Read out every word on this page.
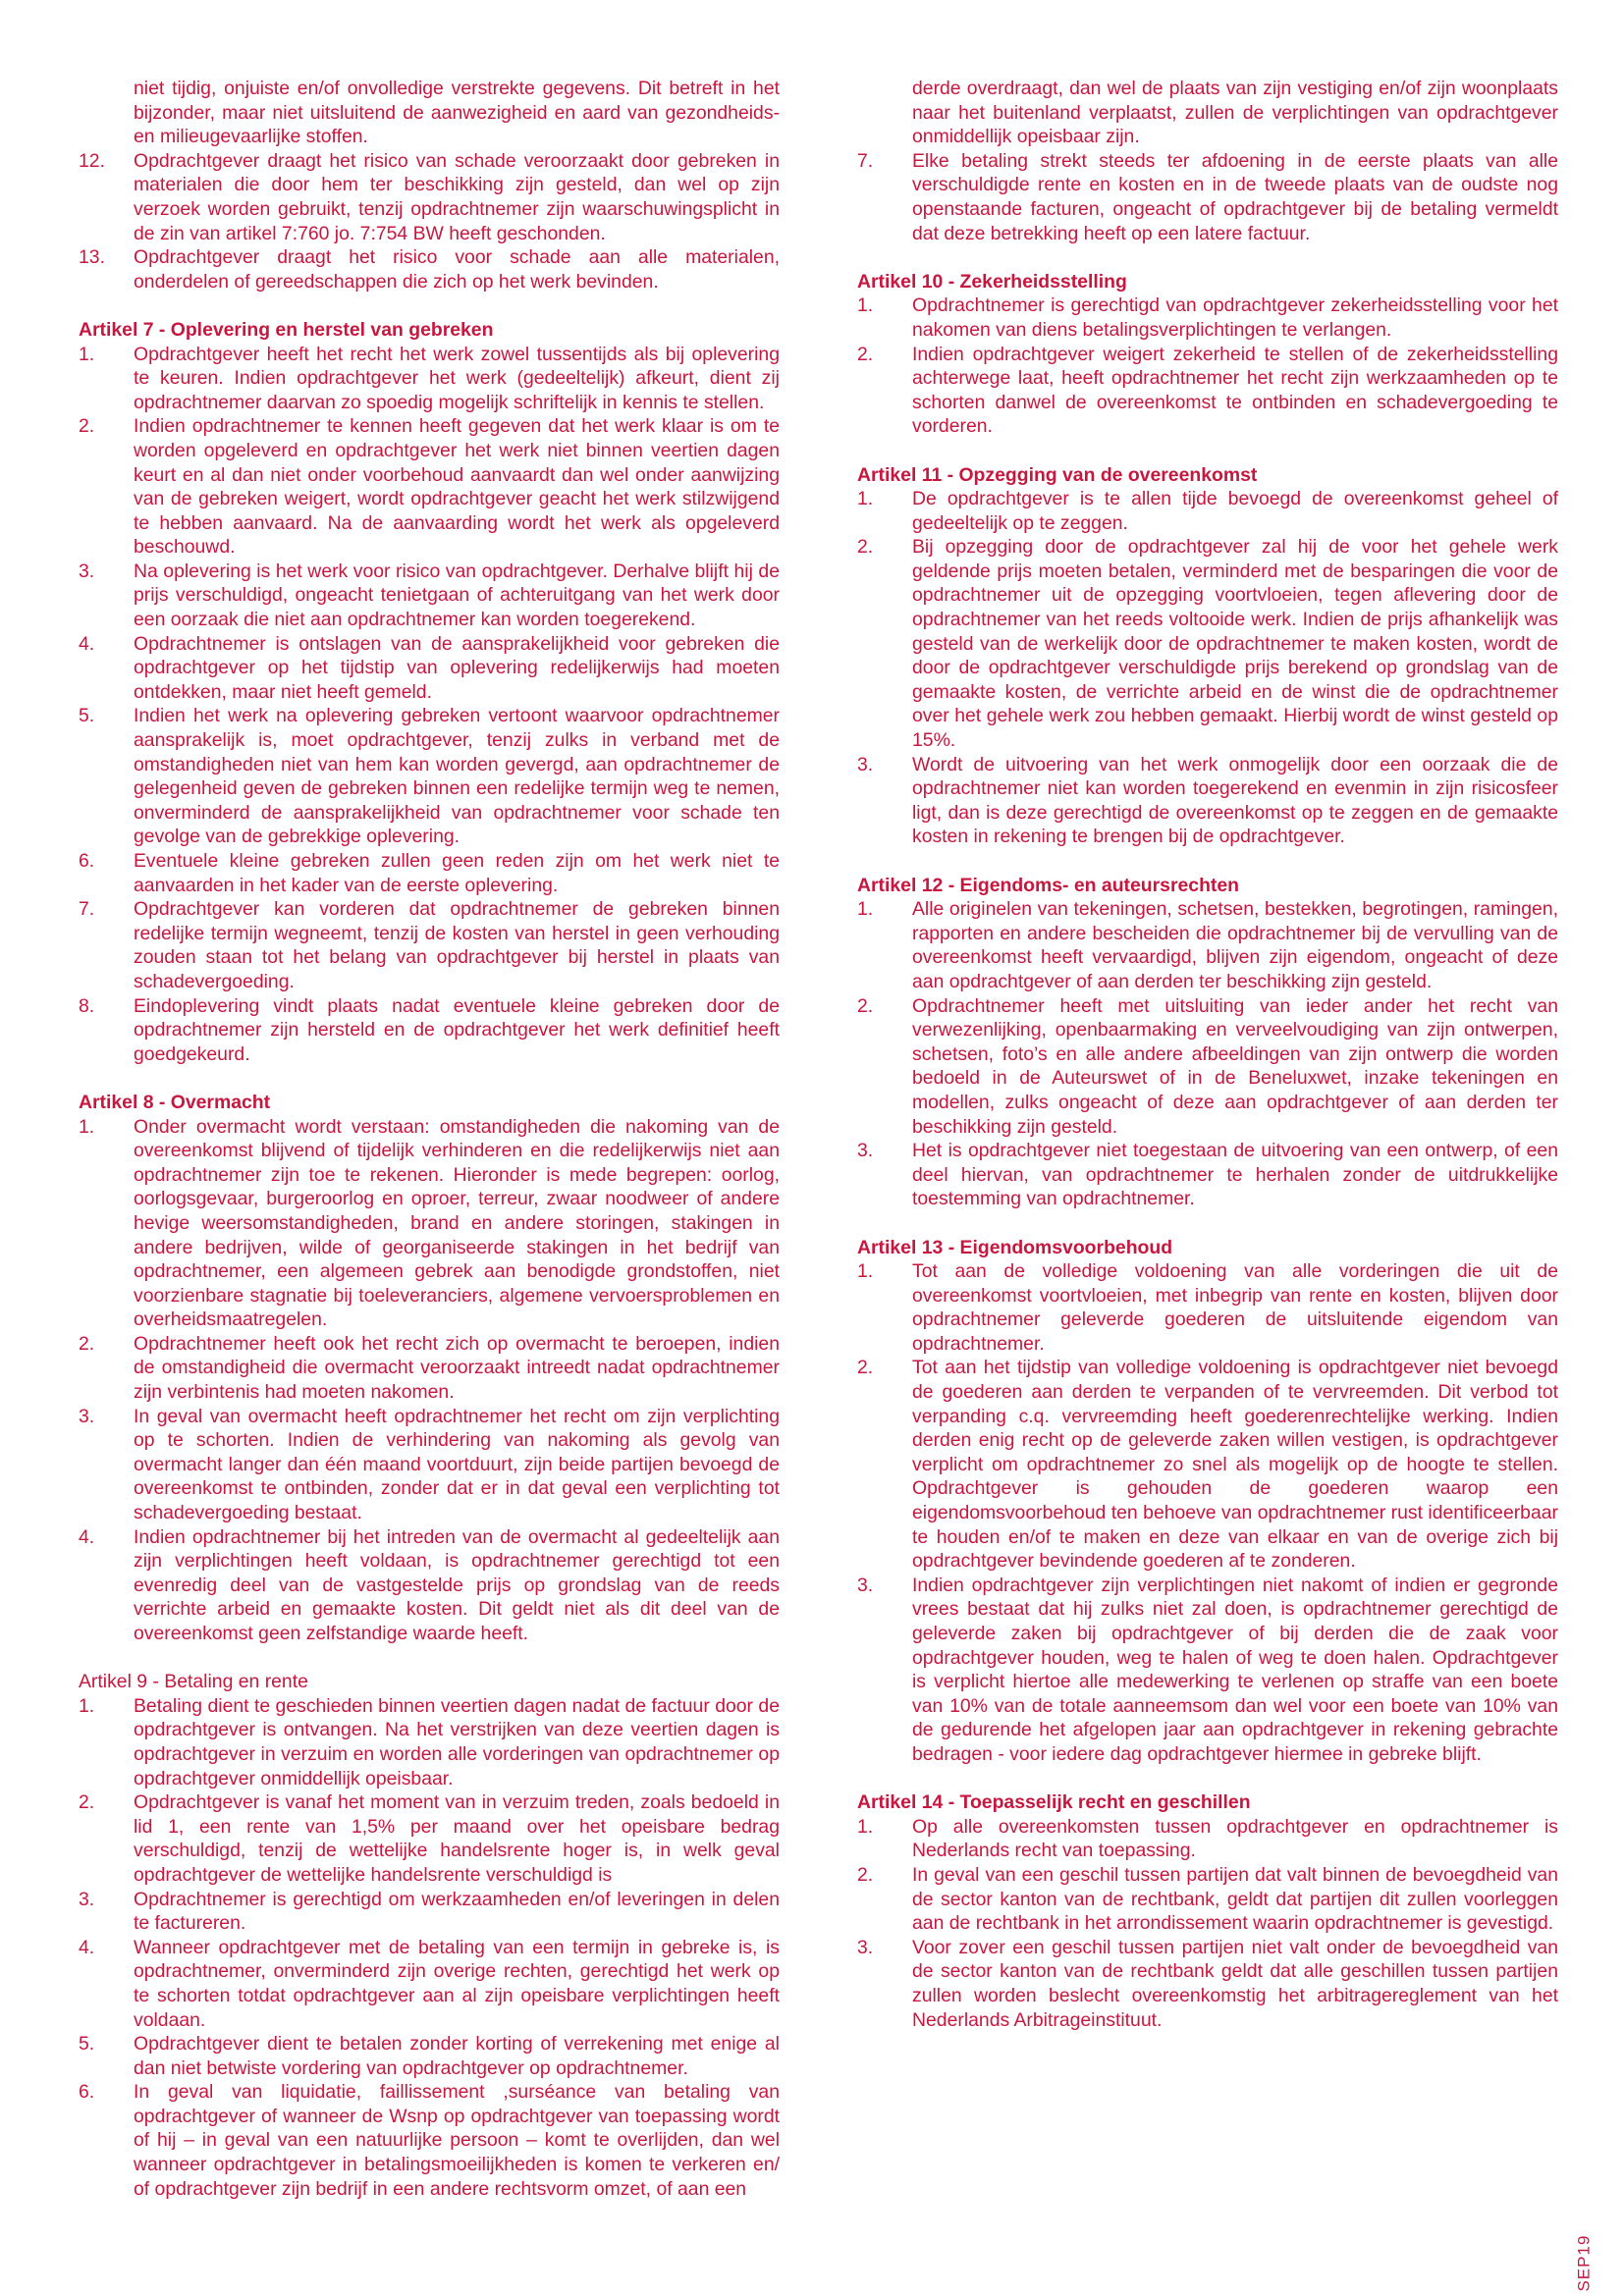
niet tijdig, onjuiste en/of onvolledige verstrekte gegevens. Dit betreft in het bijzonder, maar niet uitsluitend de aanwezigheid en aard van gezondheids- en milieugevaarlijke stoffen.
12. Opdrachtgever draagt het risico van schade veroorzaakt door gebreken in materialen die door hem ter beschikking zijn gesteld, dan wel op zijn verzoek worden gebruikt, tenzij opdrachtnemer zijn waarschuwingsplicht in de zin van artikel 7:760 jo. 7:754 BW heeft geschonden.
13. Opdrachtgever draagt het risico voor schade aan alle materialen, onderdelen of gereedschappen die zich op het werk bevinden.
Artikel 7 - Oplevering en herstel van gebreken
1. Opdrachtgever heeft het recht het werk zowel tussentijds als bij oplevering te keuren. Indien opdrachtgever het werk (gedeeltelijk) afkeurt, dient zij opdrachtnemer daarvan zo spoedig mogelijk schriftelijk in kennis te stellen.
2. Indien opdrachtnemer te kennen heeft gegeven dat het werk klaar is om te worden opgeleverd en opdrachtgever het werk niet binnen veertien dagen keurt en al dan niet onder voorbehoud aanvaardt dan wel onder aanwijzing van de gebreken weigert, wordt opdrachtgever geacht het werk stilzwijgend te hebben aanvaard. Na de aanvaarding wordt het werk als opgeleverd beschouwd.
3. Na oplevering is het werk voor risico van opdrachtgever. Derhalve blijft hij de prijs verschuldigd, ongeacht tenietgaan of achteruitgang van het werk door een oorzaak die niet aan opdrachtnemer kan worden toegerekend.
4. Opdrachtnemer is ontslagen van de aansprakelijkheid voor gebreken die opdrachtgever op het tijdstip van oplevering redelijkerwijs had moeten ontdekken, maar niet heeft gemeld.
5. Indien het werk na oplevering gebreken vertoont waarvoor opdrachtnemer aansprakelijk is, moet opdrachtgever, tenzij zulks in verband met de omstandigheden niet van hem kan worden gevergd, aan opdrachtnemer de gelegenheid geven de gebreken binnen een redelijke termijn weg te nemen, onverminderd de aansprakelijkheid van opdrachtnemer voor schade ten gevolge van de gebrekkige oplevering.
6. Eventuele kleine gebreken zullen geen reden zijn om het werk niet te aanvaarden in het kader van de eerste oplevering.
7. Opdrachtgever kan vorderen dat opdrachtnemer de gebreken binnen redelijke termijn wegneemt, tenzij de kosten van herstel in geen verhouding zouden staan tot het belang van opdrachtgever bij herstel in plaats van schadevergoeding.
8. Eindoplevering vindt plaats nadat eventuele kleine gebreken door de opdrachtnemer zijn hersteld en de opdrachtgever het werk definitief heeft goedgekeurd.
Artikel 8 - Overmacht
1. Onder overmacht wordt verstaan: omstandigheden die nakoming van de overeenkomst blijvend of tijdelijk verhinderen en die redelijkerwijs niet aan opdrachtnemer zijn toe te rekenen. Hieronder is mede begrepen: oorlog, oorlogsgevaar, burgeroorlog en oproer, terreur, zwaar noodweer of andere hevige weersomstandigheden, brand en andere storingen, stakingen in andere bedrijven, wilde of georganiseerde stakingen in het bedrijf van opdrachtnemer, een algemeen gebrek aan benodigde grondstoffen, niet voorzienbare stagnatie bij toeleveranciers, algemene vervoersproblemen en overheidsmaatregelen.
2. Opdrachtnemer heeft ook het recht zich op overmacht te beroepen, indien de omstandigheid die overmacht veroorzaakt intreedt nadat opdrachtnemer zijn verbintenis had moeten nakomen.
3. In geval van overmacht heeft opdrachtnemer het recht om zijn verplichting op te schorten. Indien de verhindering van nakoming als gevolg van overmacht langer dan één maand voortduurt, zijn beide partijen bevoegd de overeenkomst te ontbinden, zonder dat er in dat geval een verplichting tot schadevergoeding bestaat.
4. Indien opdrachtnemer bij het intreden van de overmacht al gedeeltelijk aan zijn verplichtingen heeft voldaan, is opdrachtnemer gerechtigd tot een evenredig deel van de vastgestelde prijs op grondslag van de reeds verrichte arbeid en gemaakte kosten. Dit geldt niet als dit deel van de overeenkomst geen zelfstandige waarde heeft.
Artikel 9 - Betaling en rente
1. Betaling dient te geschieden binnen veertien dagen nadat de factuur door de opdrachtgever is ontvangen. Na het verstrijken van deze veertien dagen is opdrachtgever in verzuim en worden alle vorderingen van opdrachtnemer op opdrachtgever onmiddellijk opeisbaar.
2. Opdrachtgever is vanaf het moment van in verzuim treden, zoals bedoeld in lid 1, een rente van 1,5% per maand over het opeisbare bedrag verschuldigd, tenzij de wettelijke handelsrente hoger is, in welk geval opdrachtgever de wettelijke handelsrente verschuldigd is
3. Opdrachtnemer is gerechtigd om werkzaamheden en/of leveringen in delen te factureren.
4. Wanneer opdrachtgever met de betaling van een termijn in gebreke is, is opdrachtnemer, onverminderd zijn overige rechten, gerechtigd het werk op te schorten totdat opdrachtgever aan al zijn opeisbare verplichtingen heeft voldaan.
5. Opdrachtgever dient te betalen zonder korting of verrekening met enige al dan niet betwiste vordering van opdrachtgever op opdrachtnemer.
6. In geval van liquidatie, faillissement ,surséance van betaling van opdrachtgever of wanneer de Wsnp op opdrachtgever van toepassing wordt of hij – in geval van een natuurlijke persoon – komt te overlijden, dan wel wanneer opdrachtgever in betalingsmoeilijkheden is komen te verkeren en/ of opdrachtgever zijn bedrijf in een andere rechtsvorm omzet, of aan een
derde overdraagt, dan wel de plaats van zijn vestiging en/of zijn woonplaats naar het buitenland verplaatst, zullen de verplichtingen van opdrachtgever onmiddellijk opeisbaar zijn.
7. Elke betaling strekt steeds ter afdoening in de eerste plaats van alle verschuldigde rente en kosten en in de tweede plaats van de oudste nog openstaande facturen, ongeacht of opdrachtgever bij de betaling vermeldt dat deze betrekking heeft op een latere factuur.
Artikel 10 - Zekerheidsstelling
1. Opdrachtnemer is gerechtigd van opdrachtgever zekerheidsstelling voor het nakomen van diens betalingsverplichtingen te verlangen.
2. Indien opdrachtgever weigert zekerheid te stellen of de zekerheidsstelling achterwege laat, heeft opdrachtnemer het recht zijn werkzaamheden op te schorten danwel de overeenkomst te ontbinden en schadevergoeding te vorderen.
Artikel 11 - Opzegging van de overeenkomst
1. De opdrachtgever is te allen tijde bevoegd de overeenkomst geheel of gedeeltelijk op te zeggen.
2. Bij opzegging door de opdrachtgever zal hij de voor het gehele werk geldende prijs moeten betalen, verminderd met de besparingen die voor de opdrachtnemer uit de opzegging voortvloeien, tegen aflevering door de opdrachtnemer van het reeds voltooide werk. Indien de prijs afhankelijk was gesteld van de werkelijk door de opdrachtnemer te maken kosten, wordt de door de opdrachtgever verschuldigde prijs berekend op grondslag van de gemaakte kosten, de verrichte arbeid en de winst die de opdrachtnemer over het gehele werk zou hebben gemaakt. Hierbij wordt de winst gesteld op 15%.
3. Wordt de uitvoering van het werk onmogelijk door een oorzaak die de opdrachtnemer niet kan worden toegerekend en evenmin in zijn risicosfeer ligt, dan is deze gerechtigd de overeenkomst op te zeggen en de gemaakte kosten in rekening te brengen bij de opdrachtgever.
Artikel 12 - Eigendoms- en auteursrechten
1. Alle originelen van tekeningen, schetsen, bestekken, begrotingen, ramingen, rapporten en andere bescheiden die opdrachtnemer bij de vervulling van de overeenkomst heeft vervaardigd, blijven zijn eigendom, ongeacht of deze aan opdrachtgever of aan derden ter beschikking zijn gesteld.
2. Opdrachtnemer heeft met uitsluiting van ieder ander het recht van verwezenlijking, openbaarmaking en verveelvoudiging van zijn ontwerpen, schetsen, foto’s en alle andere afbeeldingen van zijn ontwerp die worden bedoeld in de Auteurswet of in de Beneluxwet, inzake tekeningen en modellen, zulks ongeacht of deze aan opdrachtgever of aan derden ter beschikking zijn gesteld.
3. Het is opdrachtgever niet toegestaan de uitvoering van een ontwerp, of een deel hiervan, van opdrachtnemer te herhalen zonder de uitdrukkelijke toestemming van opdrachtnemer.
Artikel 13 - Eigendomsvoorbehoud
1. Tot aan de volledige voldoening van alle vorderingen die uit de overeenkomst voortvloeien, met inbegrip van rente en kosten, blijven door opdrachtnemer geleverde goederen de uitsluitende eigendom van opdrachtnemer.
2. Tot aan het tijdstip van volledige voldoening is opdrachtgever niet bevoegd de goederen aan derden te verpanden of te vervreemden. Dit verbod tot verpanding c.q. vervreemding heeft goederenrechtelijke werking. Indien derden enig recht op de geleverde zaken willen vestigen, is opdrachtgever verplicht om opdrachtnemer zo snel als mogelijk op de hoogte te stellen. Opdrachtgever is gehouden de goederen waarop een eigendomsvoorbehoud ten behoeve van opdrachtnemer rust identificeerbaar te houden en/of te maken en deze van elkaar en van de overige zich bij opdrachtgever bevindende goederen af te zonderen.
3. Indien opdrachtgever zijn verplichtingen niet nakomt of indien er gegronde vrees bestaat dat hij zulks niet zal doen, is opdrachtnemer gerechtigd de geleverde zaken bij opdrachtgever of bij derden die de zaak voor opdrachtgever houden, weg te halen of weg te doen halen. Opdrachtgever is verplicht hiertoe alle medewerking te verlenen op straffe van een boete van 10% van de totale aanneemsom dan wel voor een boete van 10% van de gedurende het afgelopen jaar aan opdrachtgever in rekening gebrachte bedragen - voor iedere dag opdrachtgever hiermee in gebreke blijft.
Artikel 14 - Toepasselijk recht en geschillen
1. Op alle overeenkomsten tussen opdrachtgever en opdrachtnemer is Nederlands recht van toepassing.
2. In geval van een geschil tussen partijen dat valt binnen de bevoegdheid van de sector kanton van de rechtbank, geldt dat partijen dit zullen voorleggen aan de rechtbank in het arrondissement waarin opdrachtnemer is gevestigd.
3. Voor zover een geschil tussen partijen niet valt onder de bevoegdheid van de sector kanton van de rechtbank geldt dat alle geschillen tussen partijen zullen worden beslecht overeenkomstig het arbitragereglement van het Nederlands Arbitrageinstituut.
SEP19
